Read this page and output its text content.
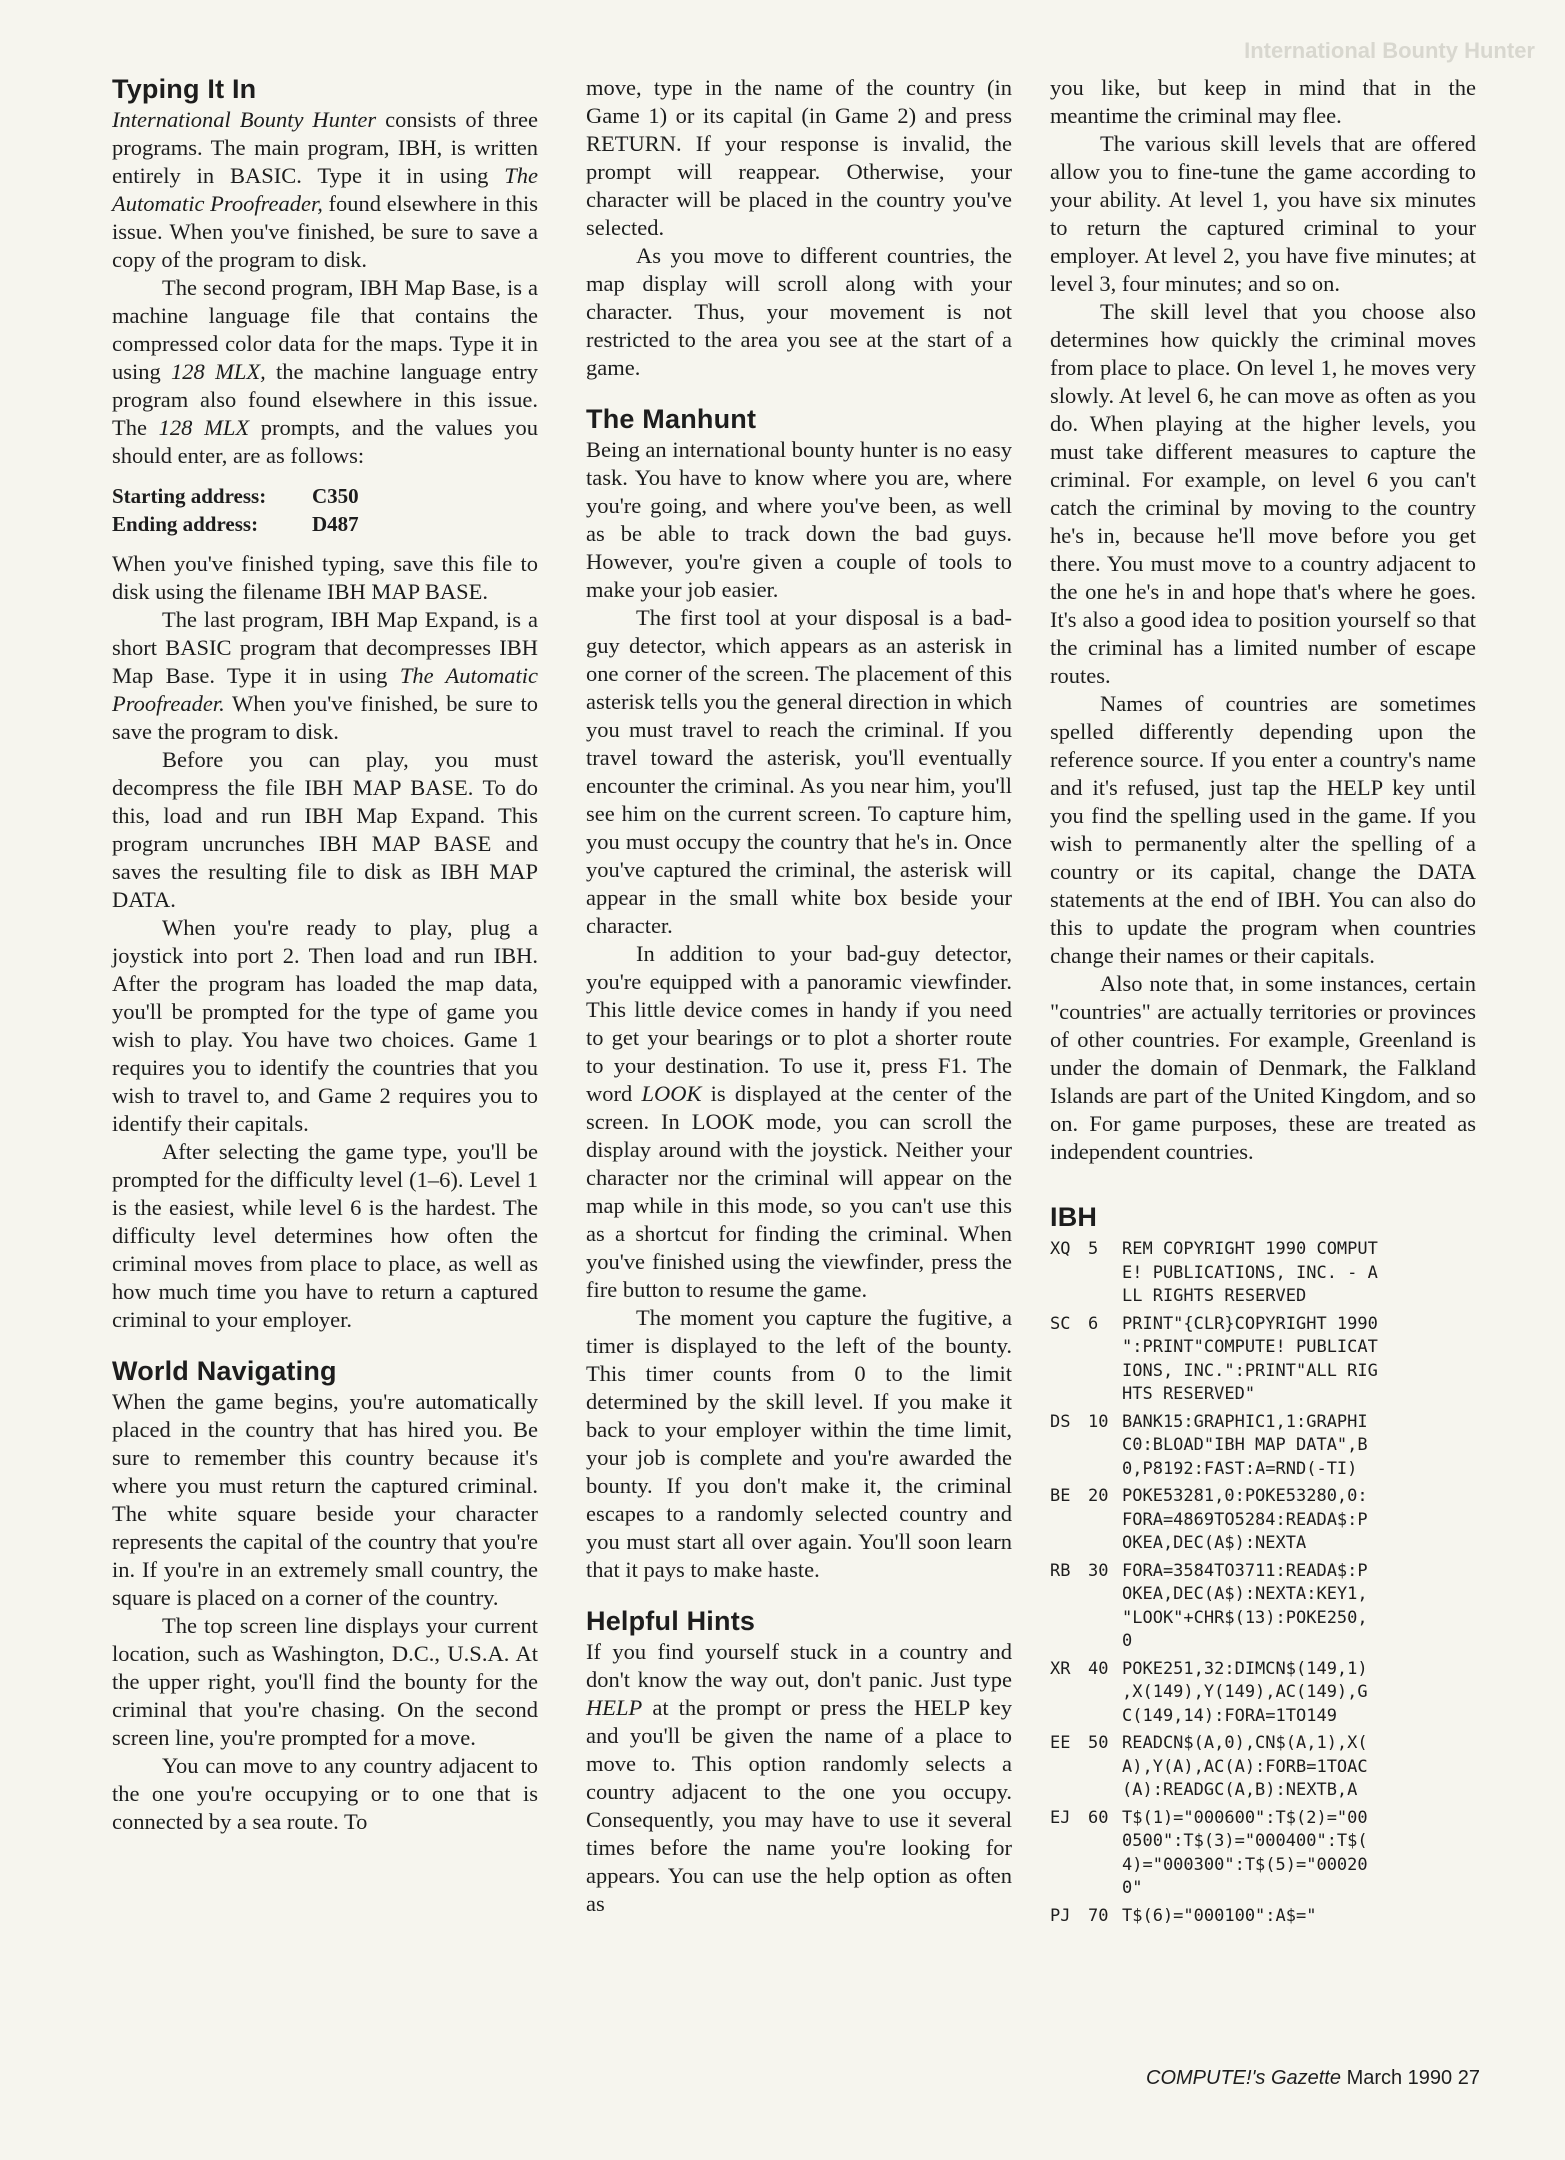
International Bounty Hunter
Typing It In

International Bounty Hunter consists of three programs. The main program, IBH, is written entirely in BASIC. Type it in using The Automatic Proofreader, found elsewhere in this issue. When you've finished, be sure to save a copy of the program to disk.

The second program, IBH Map Base, is a machine language file that contains the compressed color data for the maps. Type it in using 128 MLX, the machine language entry program also found elsewhere in this issue. The 128 MLX prompts, and the values you should enter, are as follows:

Starting address: C350
Ending address:	D487

When you've finished typing, save this file to disk using the filename IBH MAP BASE.

The last program, IBH Map Expand, is a short BASIC program that decompresses IBH Map Base. Type it in using The Automatic Proofreader. When you've finished, be sure to save the program to disk.

Before you can play, you must decompress the file IBH MAP BASE. To do this, load and run IBH Map Expand. This program uncrunches IBH MAP BASE and saves the resulting file to disk as IBH MAP DATA.

When you're ready to play, plug a joystick into port 2. Then load and run IBH. After the program has loaded the map data, you'll be prompted for the type of game you wish to play. You have two choices. Game 1 requires you to identify the countries that you wish to travel to, and Game 2 requires you to identify their capitals.

After selecting the game type, you'll be prompted for the difficulty level (1–6). Level 1 is the easiest, while level 6 is the hardest. The difficulty level determines how often the criminal moves from place to place, as well as how much time you have to return a captured criminal to your employer.

World Navigating

When the game begins, you're automatically placed in the country that has hired you. Be sure to remember this country because it's where you must return the captured criminal. The white square beside your character represents the capital of the country that you're in. If you're in an extremely small country, the square is placed on a corner of the country.

The top screen line displays your current location, such as Washington, D.C., U.S.A. At the upper right, you'll find the bounty for the criminal that you're chasing. On the second screen line, you're prompted for a move.

You can move to any country adjacent to the one you're occupying or to one that is connected by a sea route. To

move, type in the name of the country (in Game 1) or its capital (in Game 2) and press RETURN. If your response is invalid, the prompt will reappear. Otherwise, your character will be placed in the country you've selected.

As you move to different countries, the map display will scroll along with your character. Thus, your movement is not restricted to the area you see at the start of a game.

The Manhunt

Being an international bounty hunter is no easy task. You have to know where you are, where you're going, and where you've been, as well as be able to track down the bad guys. However, you're given a couple of tools to make your job easier.

The first tool at your disposal is a bad-guy detector, which appears as an asterisk in one corner of the screen. The placement of this asterisk tells you the general direction in which you must travel to reach the criminal. If you travel toward the asterisk, you'll eventually encounter the criminal. As you near him, you'll see him on the current screen. To capture him, you must occupy the country that he's in. Once you've captured the criminal, the asterisk will appear in the small white box beside your character.

In addition to your bad-guy detector, you're equipped with a panoramic viewfinder. This little device comes in handy if you need to get your bearings or to plot a shorter route to your destination. To use it, press F1. The word LOOK is displayed at the center of the screen. In LOOK mode, you can scroll the display around with the joystick. Neither your character nor the criminal will appear on the map while in this mode, so you can't use this as a shortcut for finding the criminal. When you've finished using the viewfinder, press the fire button to resume the game.

The moment you capture the fugitive, a timer is displayed to the left of the bounty. This timer counts from 0 to the limit determined by the skill level. If you make it back to your employer within the time limit, your job is complete and you're awarded the bounty. If you don't make it, the criminal escapes to a randomly selected country and you must start all over again. You'll soon learn that it pays to make haste.

Helpful Hints

If you find yourself stuck in a country and don't know the way out, don't panic. Just type HELP at the prompt or press the HELP key and you'll be given the name of a place to move to. This option randomly selects a country adjacent to the one you occupy. Consequently, you may have to use it several times before the name you're looking for appears. You can use the help option as often as

you like, but keep in mind that in the meantime the criminal may flee.

The various skill levels that are offered allow you to fine-tune the game according to your ability. At level 1, you have six minutes to return the captured criminal to your employer. At level 2, you have five minutes; at level 3, four minutes; and so on.

The skill level that you choose also determines how quickly the criminal moves from place to place. On level 1, he moves very slowly. At level 6, he can move as often as you do. When playing at the higher levels, you must take different measures to capture the criminal. For example, on level 6 you can't catch the criminal by moving to the country he's in, because he'll move before you get there. You must move to a country adjacent to the one he's in and hope that's where he goes. It's also a good idea to position yourself so that the criminal has a limited number of escape routes.

Names of countries are sometimes spelled differently depending upon the reference source. If you enter a country's name and it's refused, just tap the HELP key until you find the spelling used in the game. If you wish to permanently alter the spelling of a country or its capital, change the DATA statements at the end of IBH. You can also do this to update the program when countries change their names or their capitals.

Also note that, in some instances, certain "countries" are actually territories or provinces of other countries. For example, Greenland is under the domain of Denmark, the Falkland Islands are part of the United Kingdom, and so on. For game purposes, these are treated as independent countries.

IBH
XQ	5	REM COPYRIGHT 1990 COMPUT
E! PUBLICATIONS, INC. - A
LL RIGHTS RESERVED
SC	6	PRINT"{CLR}COPYRIGHT 1990
":PRINT"COMPUTE! PUBLICAT
IONS, INC.":PRINT"ALL RIG
HTS RESERVED"
DS	10 BANK15:GRAPHIC1,1:GRAPHI
C0:BLOAD"IBH MAP DATA",B
0,P8192:FAST:A=RND(-TI)
BE	20 POKE53281,0:POKE53280,0:
FORA=4869TO5284:READA$:P
OKEA,DEC(A$):NEXTA
RB	30 FORA=3584TO3711:READA$:P
OKEA,DEC(A$):NEXTA:KEY1,
"LOOK"+CHR$(13):POKE250,
0
XR	40 POKE251,32:DIMCN$(149,1)
,X(149),Y(149),AC(149),G
C(149,14):FORA=1TO149
EE	50 READCN$(A,0),CN$(A,1),X(
A),Y(A),AC(A):FORB=1TOAC
(A):READGC(A,B):NEXTB,A
EJ	60 T$(1)="000600":T$(2)="00
0500":T$(3)="000400":T$(
4)="000300":T$(5)="00020
0"
PJ	70 T$(6)="000100":A$="
COMPUTE!'s Gazette March 1990 27
